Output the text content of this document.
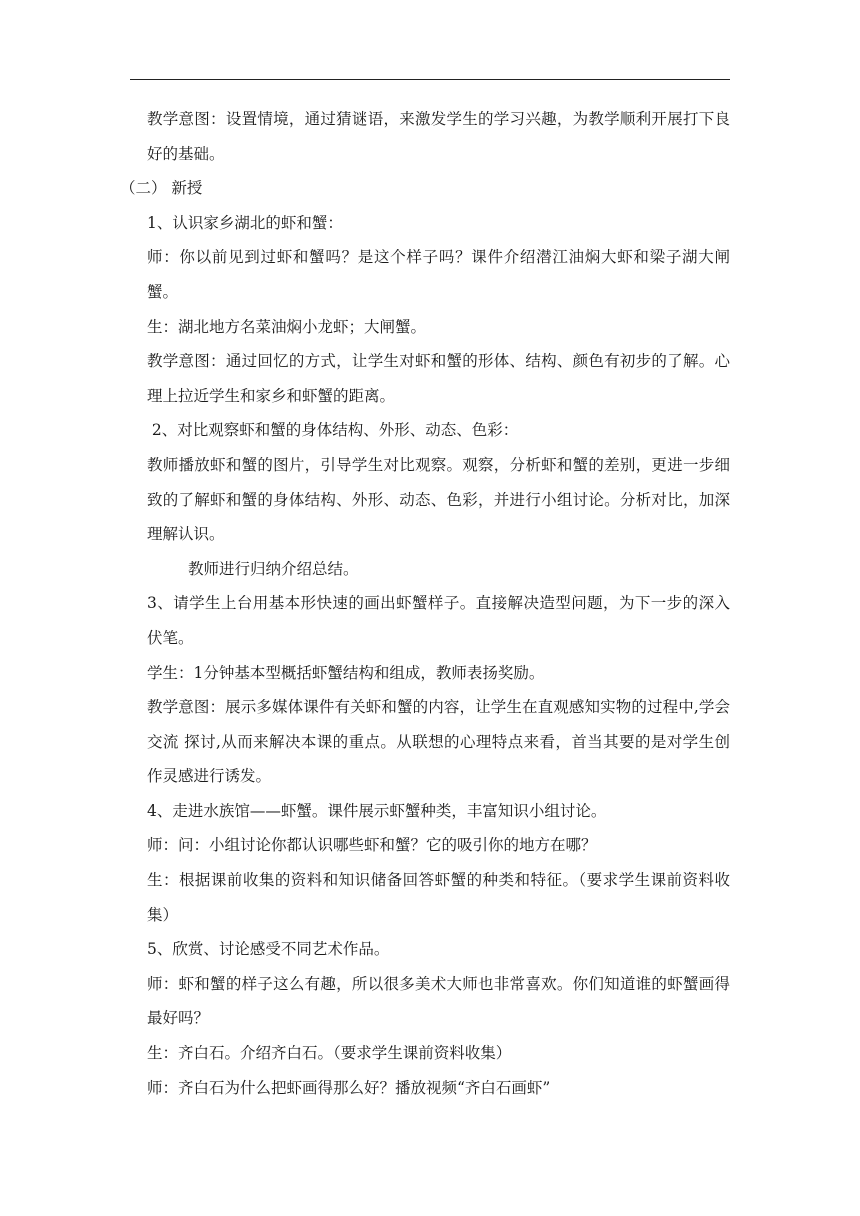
教学意图：设置情境，通过猜谜语，来激发学生的学习兴趣，为教学顺利开展打下良好的基础。

（二） 新授

1、认识家乡湖北的虾和蟹：

师：你以前见到过虾和蟹吗？是这个样子吗？课件介绍潜江油焖大虾和梁子湖大闸蟹。

生：湖北地方名菜油焖小龙虾；大闸蟹。

教学意图：通过回忆的方式，让学生对虾和蟹的形体、结构、颜色有初步的了解。心理上拉近学生和家乡和虾蟹的距离。

2、对比观察虾和蟹的身体结构、外形、动态、色彩：

教师播放虾和蟹的图片，引导学生对比观察。观察，分析虾和蟹的差别，更进一步细致的了解虾和蟹的身体结构、外形、动态、色彩，并进行小组讨论。分析对比，加深理解认识。

教师进行归纳介绍总结。

3、请学生上台用基本形快速的画出虾蟹样子。直接解决造型问题，为下一步的深入伏笔。

学生：1分钟基本型概括虾蟹结构和组成，教师表扬奖励。

教学意图：展示多媒体课件有关虾和蟹的内容，让学生在直观感知实物的过程中,学会交流 探讨,从而来解决本课的重点。从联想的心理特点来看，首当其要的是对学生创作灵感进行诱发。

4、走进水族馆——虾蟹。课件展示虾蟹种类，丰富知识小组讨论。

师：问：小组讨论你都认识哪些虾和蟹？它的吸引你的地方在哪？

生：根据课前收集的资料和知识储备回答虾蟹的种类和特征。（要求学生课前资料收集）

5、欣赏、讨论感受不同艺术作品。

师：虾和蟹的样子这么有趣，所以很多美术大师也非常喜欢。你们知道谁的虾蟹画得最好吗？

生：齐白石。介绍齐白石。（要求学生课前资料收集）

师：齐白石为什么把虾画得那么好？播放视频“齐白石画虾”
